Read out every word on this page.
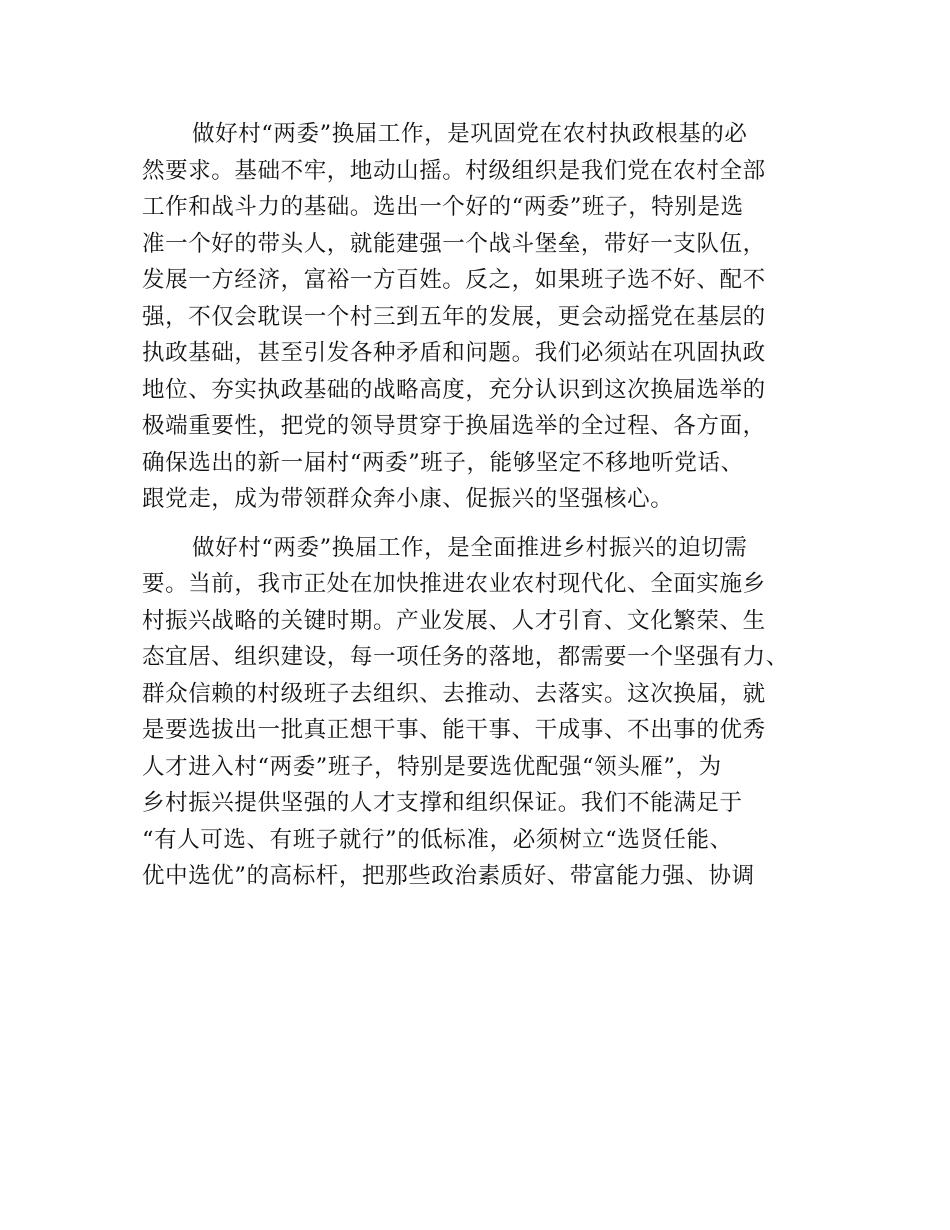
做好村“两委”换届工作，是巩固党在农村执政根基的必
然要求。基础不牢，地动山摇。村级组织是我们党在农村全部
工作和战斗力的基础。选出一个好的“两委”班子，特别是选
准一个好的带头人，就能建强一个战斗堡垒，带好一支队伍，
发展一方经济，富裕一方百姓。反之，如果班子选不好、配不
强，不仅会耽误一个村三到五年的发展，更会动摇党在基层的
执政基础，甚至引发各种矛盾和问题。我们必须站在巩固执政
地位、夯实执政基础的战略高度，充分认识到这次换届选举的
极端重要性，把党的领导贯穿于换届选举的全过程、各方面，
确保选出的新一届村“两委”班子，能够坚定不移地听党话、
跟党走，成为带领群众奔小康、促振兴的坚强核心。

做好村“两委”换届工作，是全面推进乡村振兴的迫切需
要。当前，我市正处在加快推进农业农村现代化、全面实施乡
村振兴战略的关键时期。产业发展、人才引育、文化繁荣、生
态宜居、组织建设，每一项任务的落地，都需要一个坚强有力、
群众信赖的村级班子去组织、去推动、去落实。这次换届，就
是要选拔出一批真正想干事、能干事、干成事、不出事的优秀
人才进入村“两委”班子，特别是要选优配强“领头雁”，为
乡村振兴提供坚强的人才支撑和组织保证。我们不能满足于
“有人可选、有班子就行”的低标准，必须树立“选贤任能、
优中选优”的高标杆，把那些政治素质好、带富能力强、协调
